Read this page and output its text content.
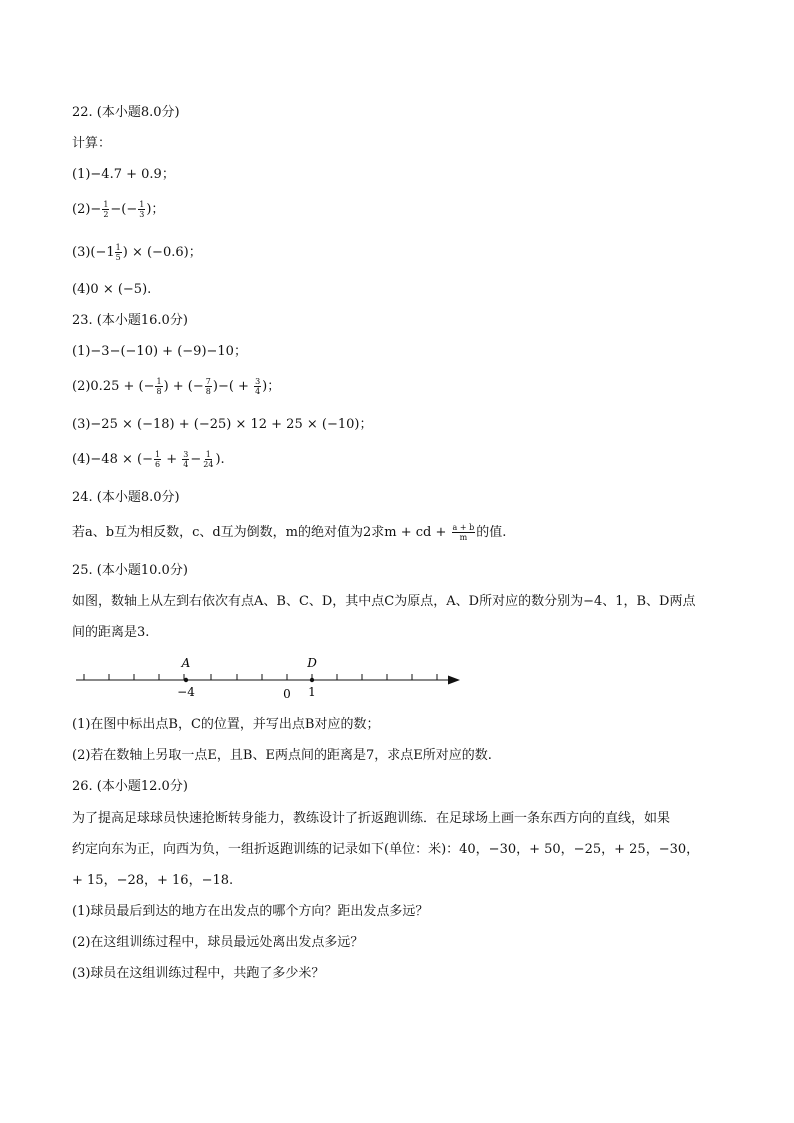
22. (本小题8.0分)
计算：
(1)−4.7 + 0.9；
$(2)- \frac{1}{2}$ −(− $\frac{1}{3}$ )；
$(3)(-1 \frac{1}{5}$ ) × (−0.6)；
(4)0 × (−5).
23. (本小题16.0分)
(1)−3−(−10) + (−9)−10；
(2)0.25 + (− $\frac{1}{8}$ ) + (− $\frac{7}{8}$ )−( + $\frac{3}{4}$ )；
(3)−25 × (−18) + (−25) × 12 + 25 × (−10)；
(4)−48 × (− $\frac{1}{6} + \frac{3}{4} - \frac{1}{24}$ ).
24. (本小题8.0分)
若a、b互为相反数，c、d互为倒数，m的绝对值为2求m + cd + $\frac{a + b}{m}$ 的值.
25. (本小题10.0分)
如图，数轴上从左到右依次有点A、B、C、D，其中点C为原点，A、D所对应的数分别为−4、1，B、D两点
间的距离是3.
A	D
−4	0 1
(1)在图中标出点B，C的位置，并写出点B对应的数；
(2)若在数轴上另取一点E，且B、E两点间的距离是7，求点E所对应的数.
26. (本小题12.0分)
为了提高足球球员快速抢断转身能力，教练设计了折返跑训练．在足球场上画一条东西方向的直线，如果
约定向东为正，向西为负，一组折返跑训练的记录如下(单位：米)：40，−30，+ 50，−25，+ 25，−30，
+ 15，−28，+ 16，−18.
(1)球员最后到达的地方在出发点的哪个方向？距出发点多远？
(2)在这组训练过程中，球员最远处离出发点多远？
(3)球员在这组训练过程中，共跑了多少米？
